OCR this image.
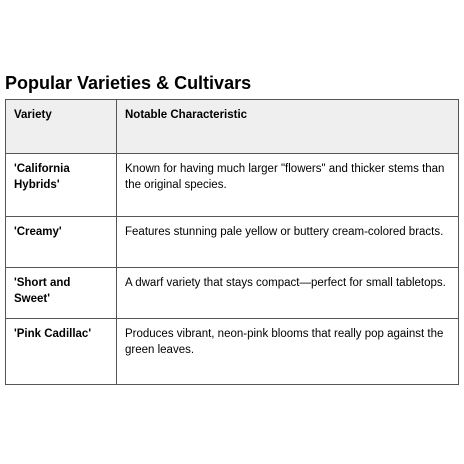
Popular Varieties & Cultivars
Variety	Notable Characteristic
'California Hybrids'	Known for having much larger "flowers" and thicker stems than the original species.
'Creamy'	Features stunning pale yellow or buttery cream-colored bracts.
'Short and Sweet'	A dwarf variety that stays compact—perfect for small tabletops.
'Pink Cadillac'	Produces vibrant, neon-pink blooms that really pop against the green leaves.
